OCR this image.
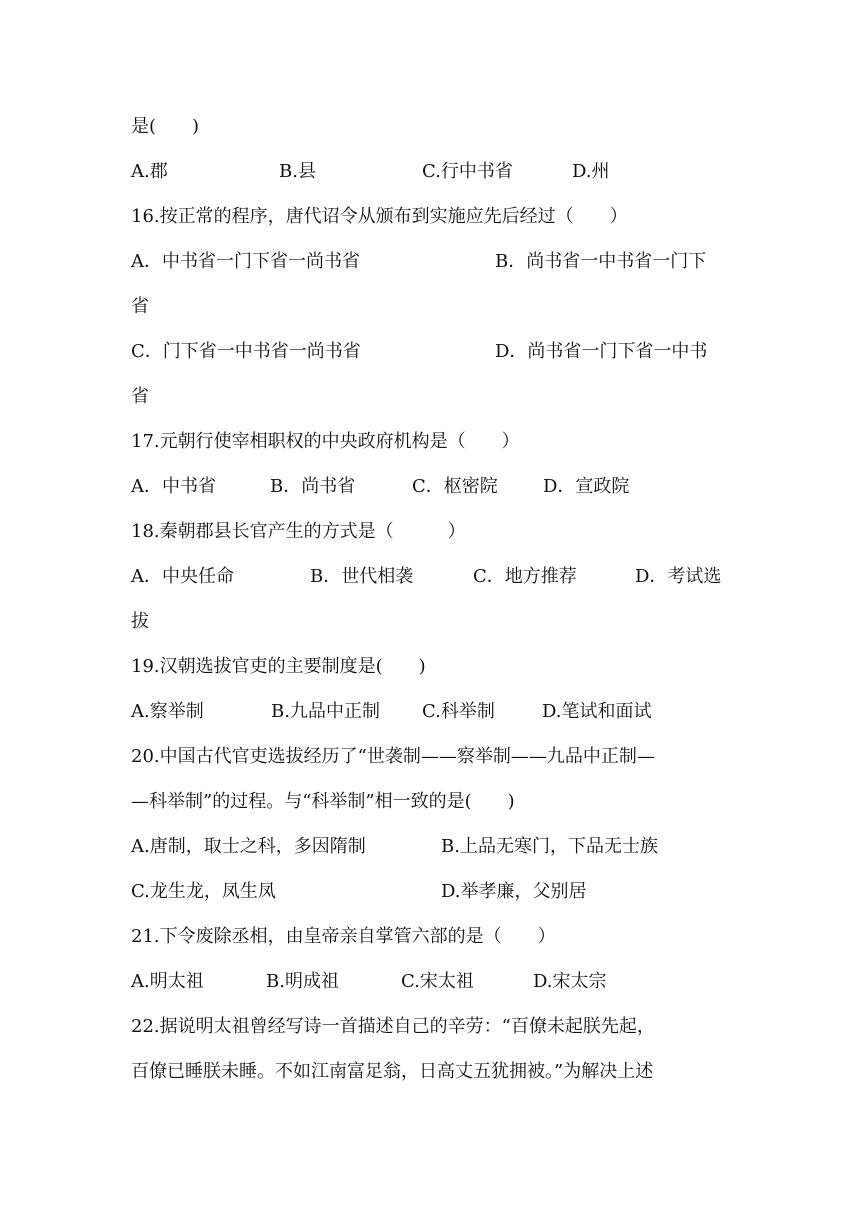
是(　　)
A.郡	B.县	C.行中书省	D.州
16.按正常的程序，唐代诏令从颁布到实施应先后经过（　　）
A．中书省一门下省一尚书省	B．尚书省一中书省一门下
省
C．门下省一中书省一尚书省	D．尚书省一门下省一中书
省
17.元朝行使宰相职权的中央政府机构是（　　）
A．中书省	B．尚书省	C．枢密院	D．宣政院
18.秦朝郡县长官产生的方式是（　　　）
A．中央任命	B．世代相袭	C．地方推荐	D．考试选
拔
19.汉朝选拔官吏的主要制度是(　　)
A.察举制	B.九品中正制 C.科举制	D.笔试和面试
20.中国古代官吏选拔经历了“世袭制——察举制——九品中正制—
—科举制”的过程。与“科举制”相一致的是(　　)
A.唐制，取士之科，多因隋制	B.上品无寒门，下品无士族
C.龙生龙，凤生凤	D.举孝廉，父别居
21.下令废除丞相，由皇帝亲自掌管六部的是（　　）
A.明太祖	B.明成祖	C.宋太祖	D.宋太宗
22.据说明太祖曾经写诗一首描述自己的辛劳：“百僚未起朕先起，
百僚已睡朕未睡。不如江南富足翁，日高丈五犹拥被。”为解决上述
